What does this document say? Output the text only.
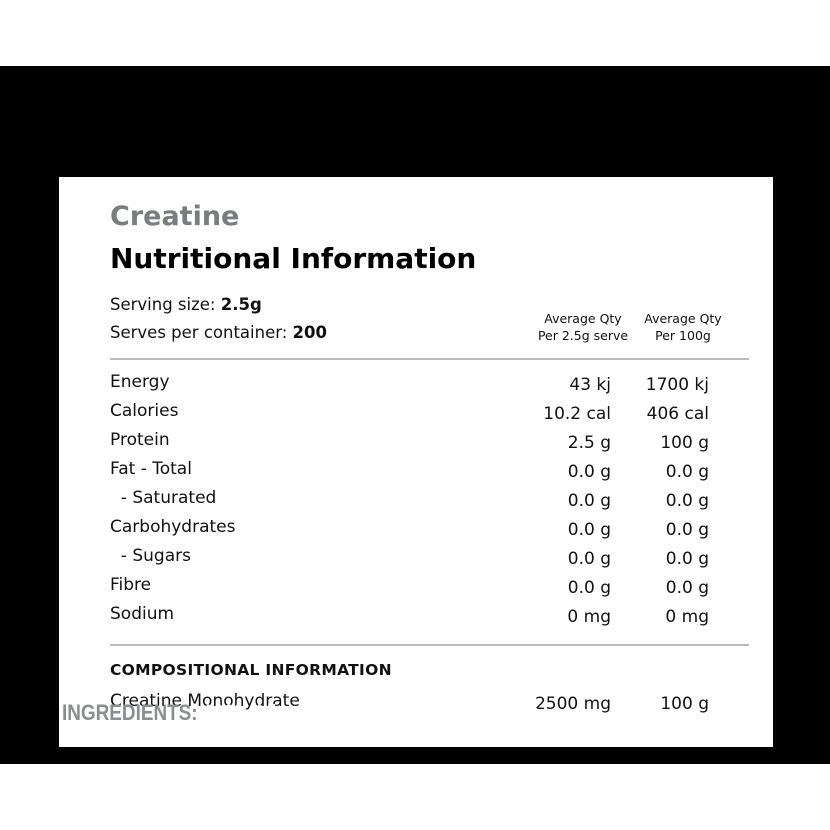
Creatine
Nutritional Information
Serving size: 2.5g
Serves per container: 200
Average Qty
Per 2.5g serve
Average Qty
Per 100g
Energy	43 kj 1700 kj
Calories	10.2 cal 406 cal
Protein	2.5 g	100 g
Fat - Total	0.0 g	0.0 g
- Saturated	0.0 g	0.0 g
Carbohydrates	0.0 g	0.0 g
- Sugars	0.0 g	0.0 g
Fibre	0.0 g	0.0 g
Sodium	0 mg	0 mg
COMPOSITIONAL INFORMATION
Creatine Monohydrate	2500 mg	100 g
INGREDIENTS: 100% Micronised Creatine Monohydrate
